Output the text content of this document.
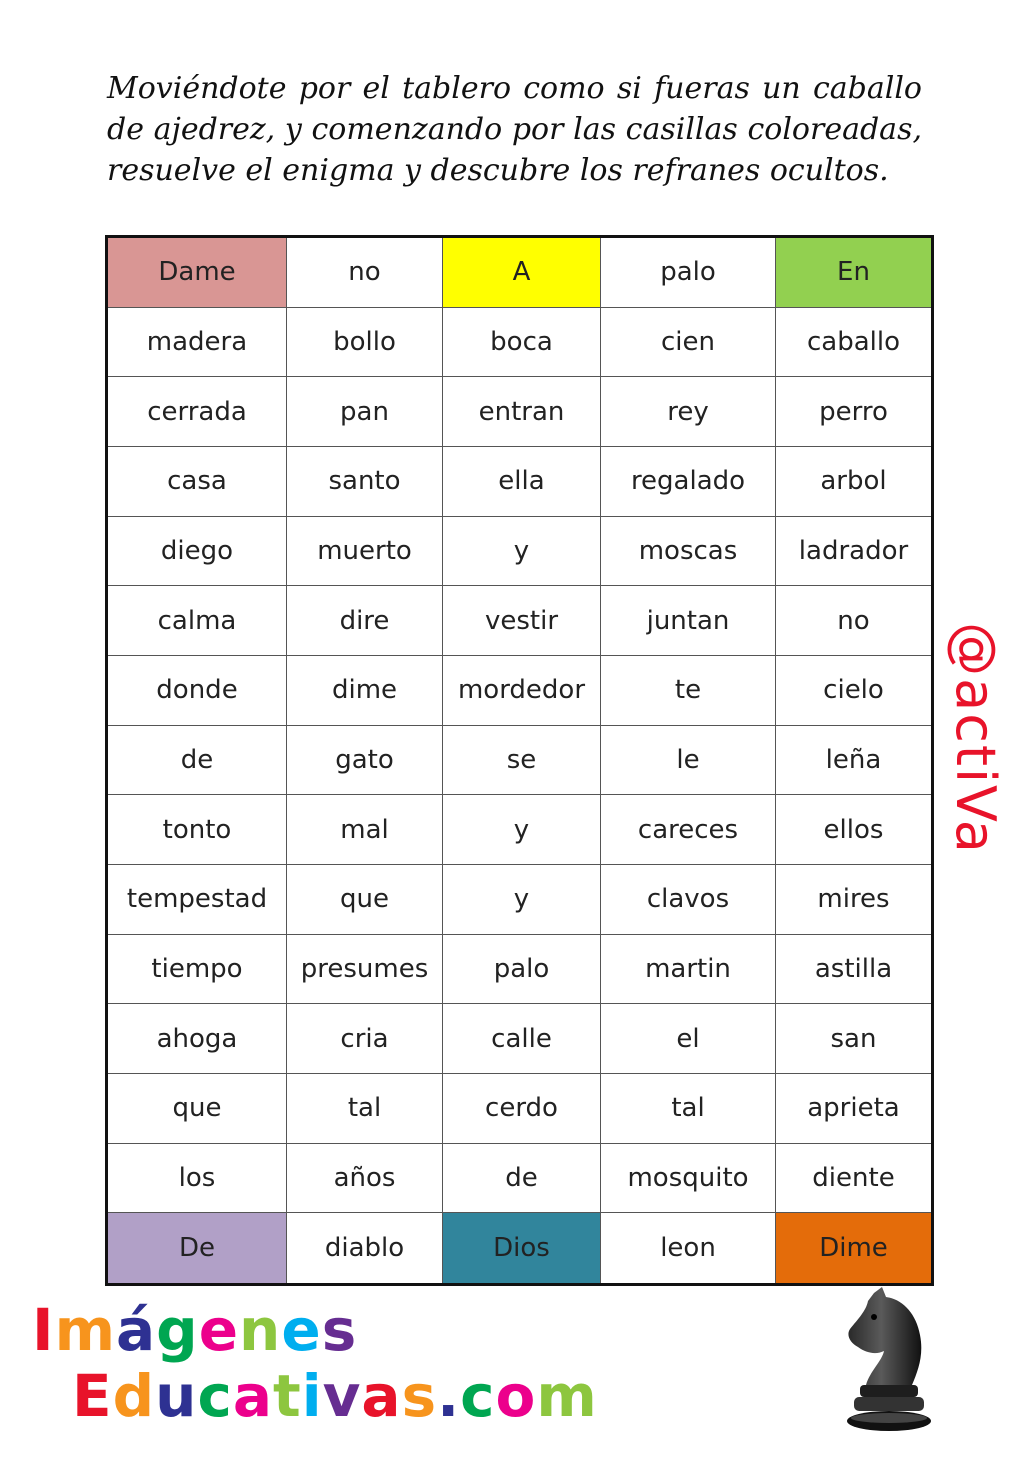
Moviéndote por el tablero como si fueras un caballo de ajedrez, y comenzando por las casillas coloreadas, resuelve el enigma y descubre los refranes ocultos.

Dame	no	A	palo	En
madera	bollo	boca	cien	caballo
cerrada	pan	entran	rey	perro
casa	santo	ella	regalado	arbol
diego	muerto	y	moscas	ladrador
calma	dire	vestir	juntan	no
donde	dime	mordedor	te	cielo
de	gato	se	le	leña
tonto	mal	y	careces	ellos
tempestad	que	y	clavos	mires
tiempo	presumes	palo	martin	astilla
ahoga	cria	calle	el	san
que	tal	cerdo	tal	aprieta
los	años	de	mosquito	diente
De	diablo	Dios	leon	Dime
@actiVa
Imágenes
Educativas.com
